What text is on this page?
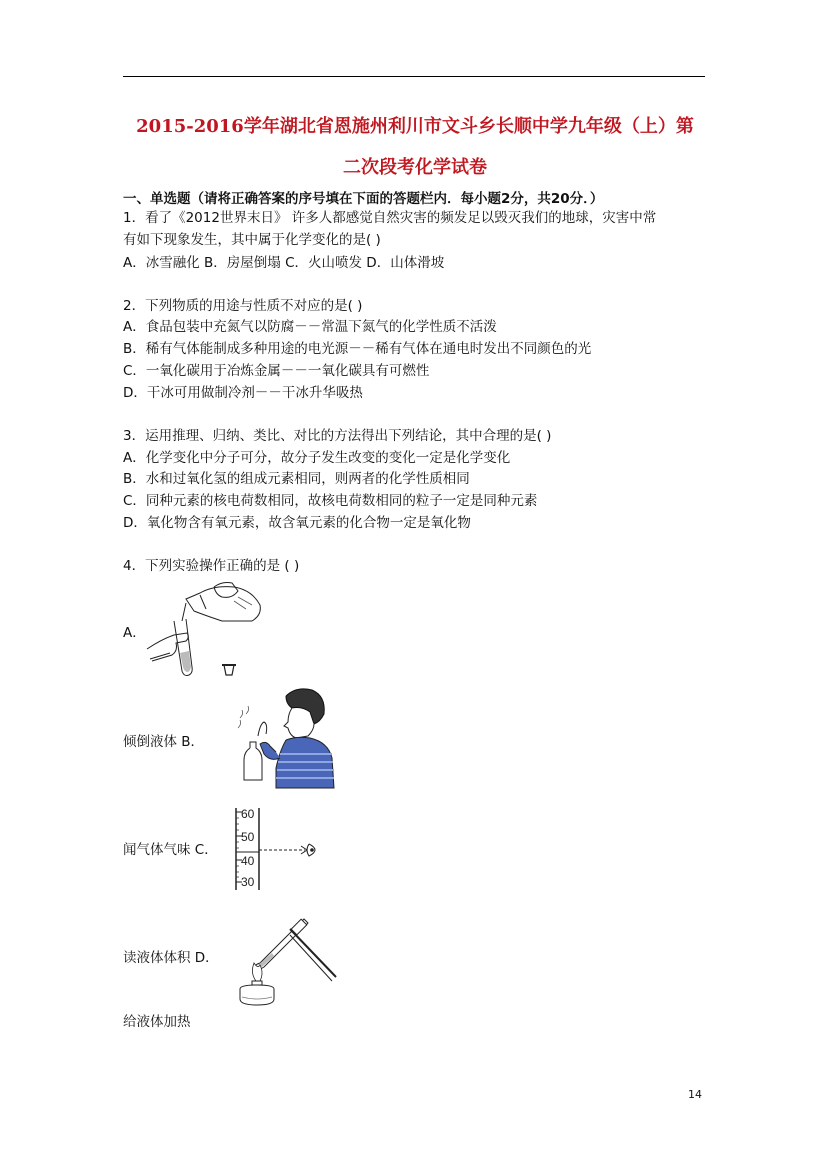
2015-2016学年湖北省恩施州利川市文斗乡长顺中学九年级（上）第
二次段考化学试卷
一、单选题（请将正确答案的序号填在下面的答题栏内．每小题2分，共20分．）
1．看了《2012世界末日》 许多人都感觉自然灾害的频发足以毁灭我们的地球，灾害中常
有如下现象发生，其中属于化学变化的是( )
A．冰雪融化 B．房屋倒塌 C．火山喷发 D．山体滑坡
2．下列物质的用途与性质不对应的是( )
A．食品包装中充氮气以防腐－－常温下氮气的化学性质不活泼
B．稀有气体能制成多种用途的电光源－－稀有气体在通电时发出不同颜色的光
C．一氧化碳用于冶炼金属－－一氧化碳具有可燃性
D．干冰可用做制冷剂－－干冰升华吸热
3．运用推理、归纳、类比、对比的方法得出下列结论，其中合理的是( )
A．化学变化中分子可分，故分子发生改变的变化一定是化学变化
B．水和过氧化氢的组成元素相同，则两者的化学性质相同
C．同种元素的核电荷数相同，故核电荷数相同的粒子一定是同种元素
D．氧化物含有氧元素，故含氧元素的化合物一定是氧化物
4．下列实验操作正确的是 ( )
A．
倾倒液体 B．
闻气体气味 C．
60
50
40
30
读液体体积 D．
给液体加热
14
